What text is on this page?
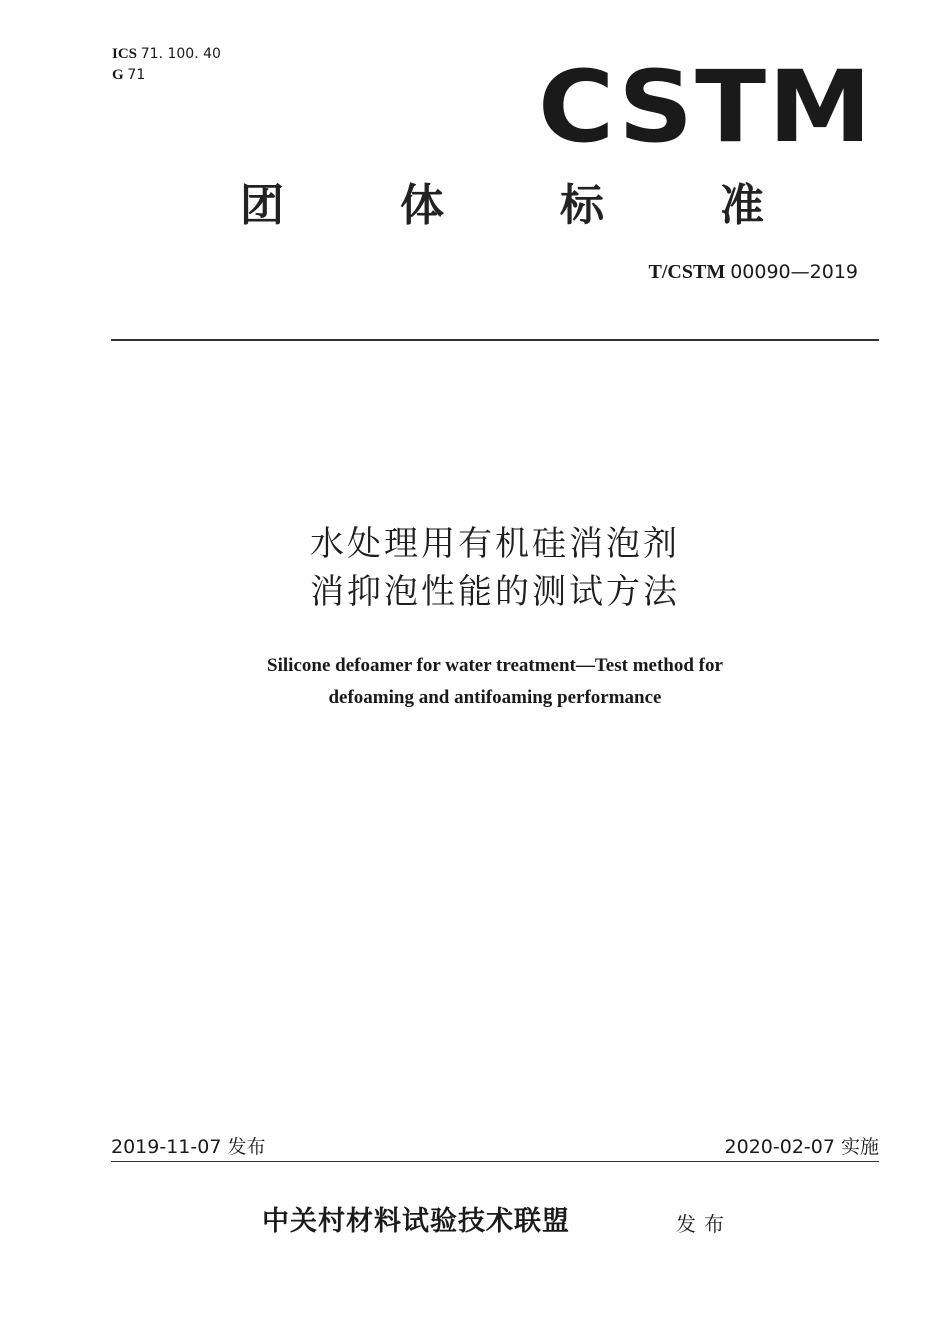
ICS 71. 100. 40
G 71	CSTM
团	体	标	准
T/CSTM 00090—2019
水处理用有机硅消泡剂
消抑泡性能的测试方法
Silicone defoamer for water treatment—Test method for
defoaming and antifoaming performance
2019-11-07 发布	2020-02-07 实施
中关村材料试验技术联盟	发布
